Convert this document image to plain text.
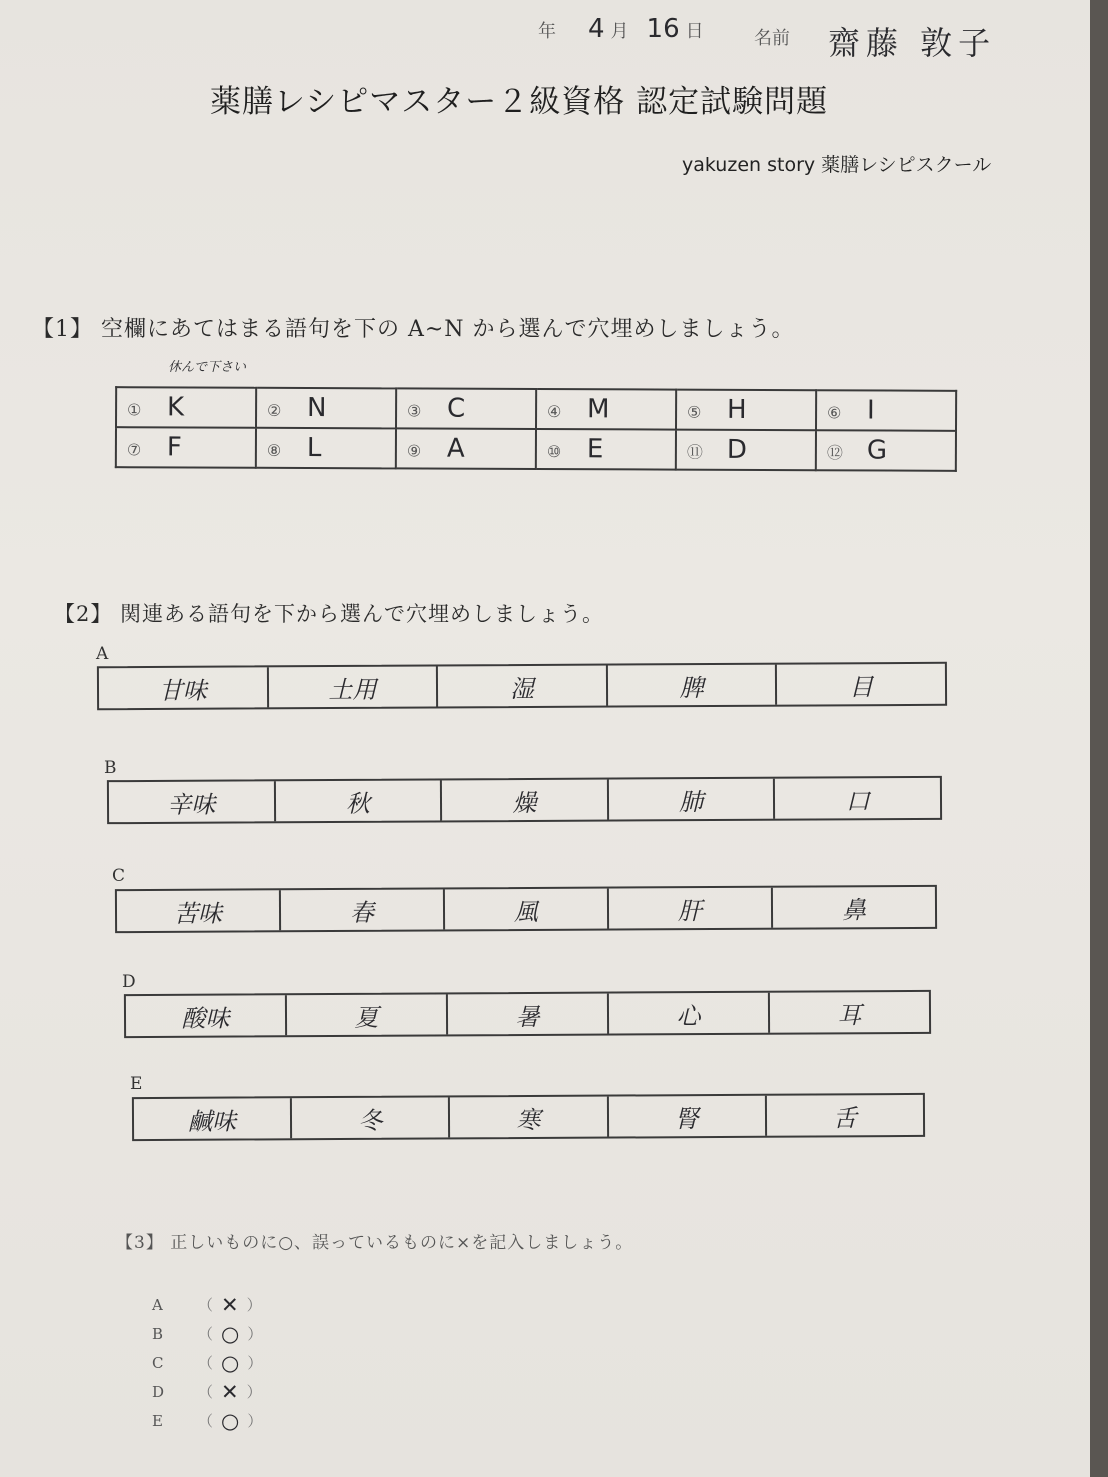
年 4 月 16 日	名前 齋藤 敦子
薬膳レシピマスター２級資格 認定試験問題
yakuzen story 薬膳レシピスクール
【1】 空欄にあてはまる語句を下の A~N から選んで穴埋めしましょう。
休んで下さい
① K	② N	③ C	④ M	⑤ H	⑥ I
⑦ F	⑧ L	⑨ A	⑩ E	⑪ D	⑫ G
【2】 関連ある語句を下から選んで穴埋めしましょう。
A
甘味	土用	湿	脾	目
B
辛味	秋	燥	肺	口
C
苦味	春	風	肝	鼻
D
酸味	夏	暑	心	耳
E
鹹味	冬	寒	腎	舌
【3】 正しいものに○、誤っているものに×を記入しましょう。
A	（ ✕ ）
B	（ ○ ）
C	（ ○ ）
D	（ ✕ ）
E	（ ○ ）
